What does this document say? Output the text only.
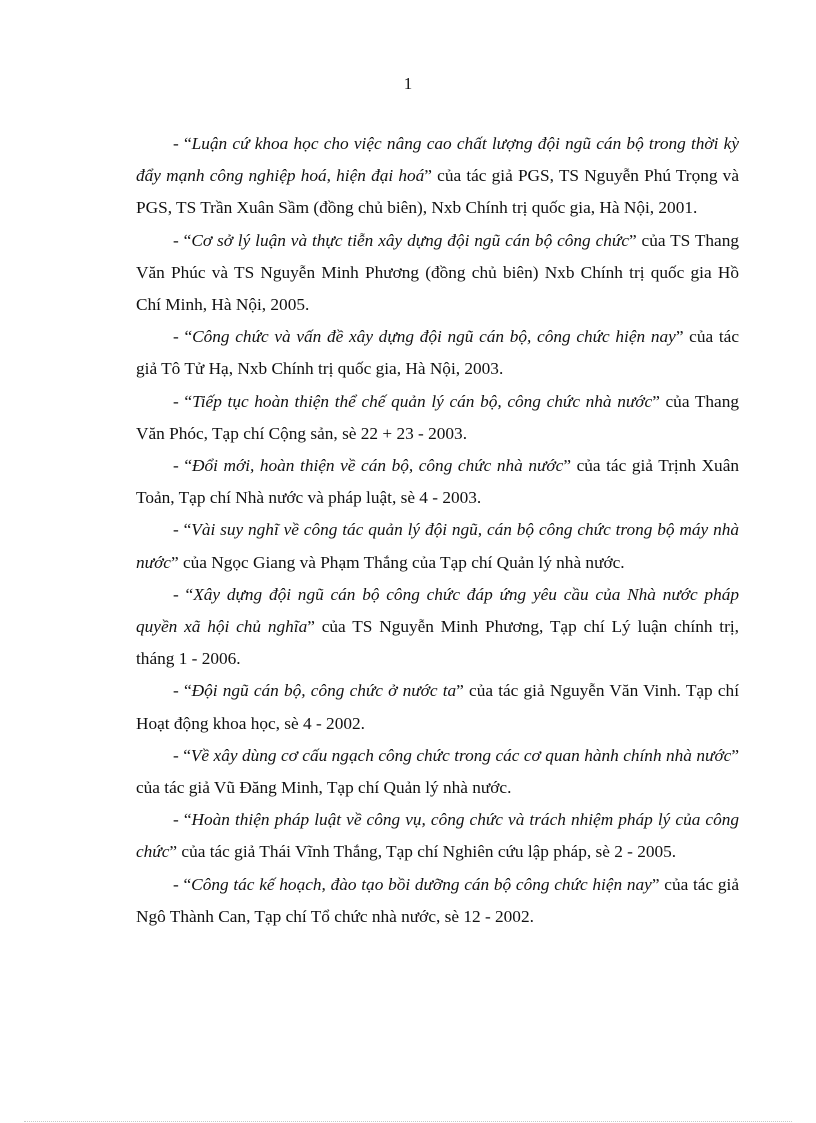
1

- “Luận cứ khoa học cho việc nâng cao chất lượng đội ngũ cán bộ trong thời kỳ đẩy mạnh công nghiệp hoá, hiện đại hoá” của tác giả PGS, TS Nguyễn Phú Trọng và PGS, TS Trần Xuân Sầm (đồng chủ biên), Nxb Chính trị quốc gia, Hà Nội, 2001.

- “Cơ sở lý luận và thực tiễn xây dựng đội ngũ cán bộ công chức” của TS Thang Văn Phúc và TS Nguyễn Minh Phương (đồng chủ biên) Nxb Chính trị quốc gia Hồ Chí Minh, Hà Nội, 2005.

- “Công chức và vấn đề xây dựng đội ngũ cán bộ, công chức hiện nay” của tác giả Tô Tử Hạ, Nxb Chính trị quốc gia, Hà Nội, 2003.

- “Tiếp tục hoàn thiện thể chế quản lý cán bộ, công chức nhà nước” của Thang Văn Phóc, Tạp chí Cộng sản, sè 22 + 23 - 2003.

- “Đổi mới, hoàn thiện về cán bộ, công chức nhà nước” của tác giả Trịnh Xuân Toản, Tạp chí Nhà nước và pháp luật, sè 4 - 2003.

- “Vài suy nghĩ về công tác quản lý đội ngũ, cán bộ công chức trong bộ máy nhà nước” của Ngọc Giang và Phạm Thắng của Tạp chí Quản lý nhà nước.

- “Xây dựng đội ngũ cán bộ công chức đáp ứng yêu cầu của Nhà nước pháp quyền xã hội chủ nghĩa” của TS Nguyễn Minh Phương, Tạp chí Lý luận chính trị, tháng 1 - 2006.

- “Đội ngũ cán bộ, công chức ở nước ta” của tác giả Nguyễn Văn Vinh. Tạp chí Hoạt động khoa học, sè 4 - 2002.

- “Về xây dùng cơ cấu ngạch công chức trong các cơ quan hành chính nhà nước” của tác giả Vũ Đăng Minh, Tạp chí Quản lý nhà nước.

- “Hoàn thiện pháp luật về công vụ, công chức và trách nhiệm pháp lý của công chức” của tác giả Thái Vĩnh Thắng, Tạp chí Nghiên cứu lập pháp, sè 2 - 2005.

- “Công tác kế hoạch, đào tạo bồi dưỡng cán bộ công chức hiện nay” của tác giả Ngô Thành Can, Tạp chí Tổ chức nhà nước, sè 12 - 2002.
